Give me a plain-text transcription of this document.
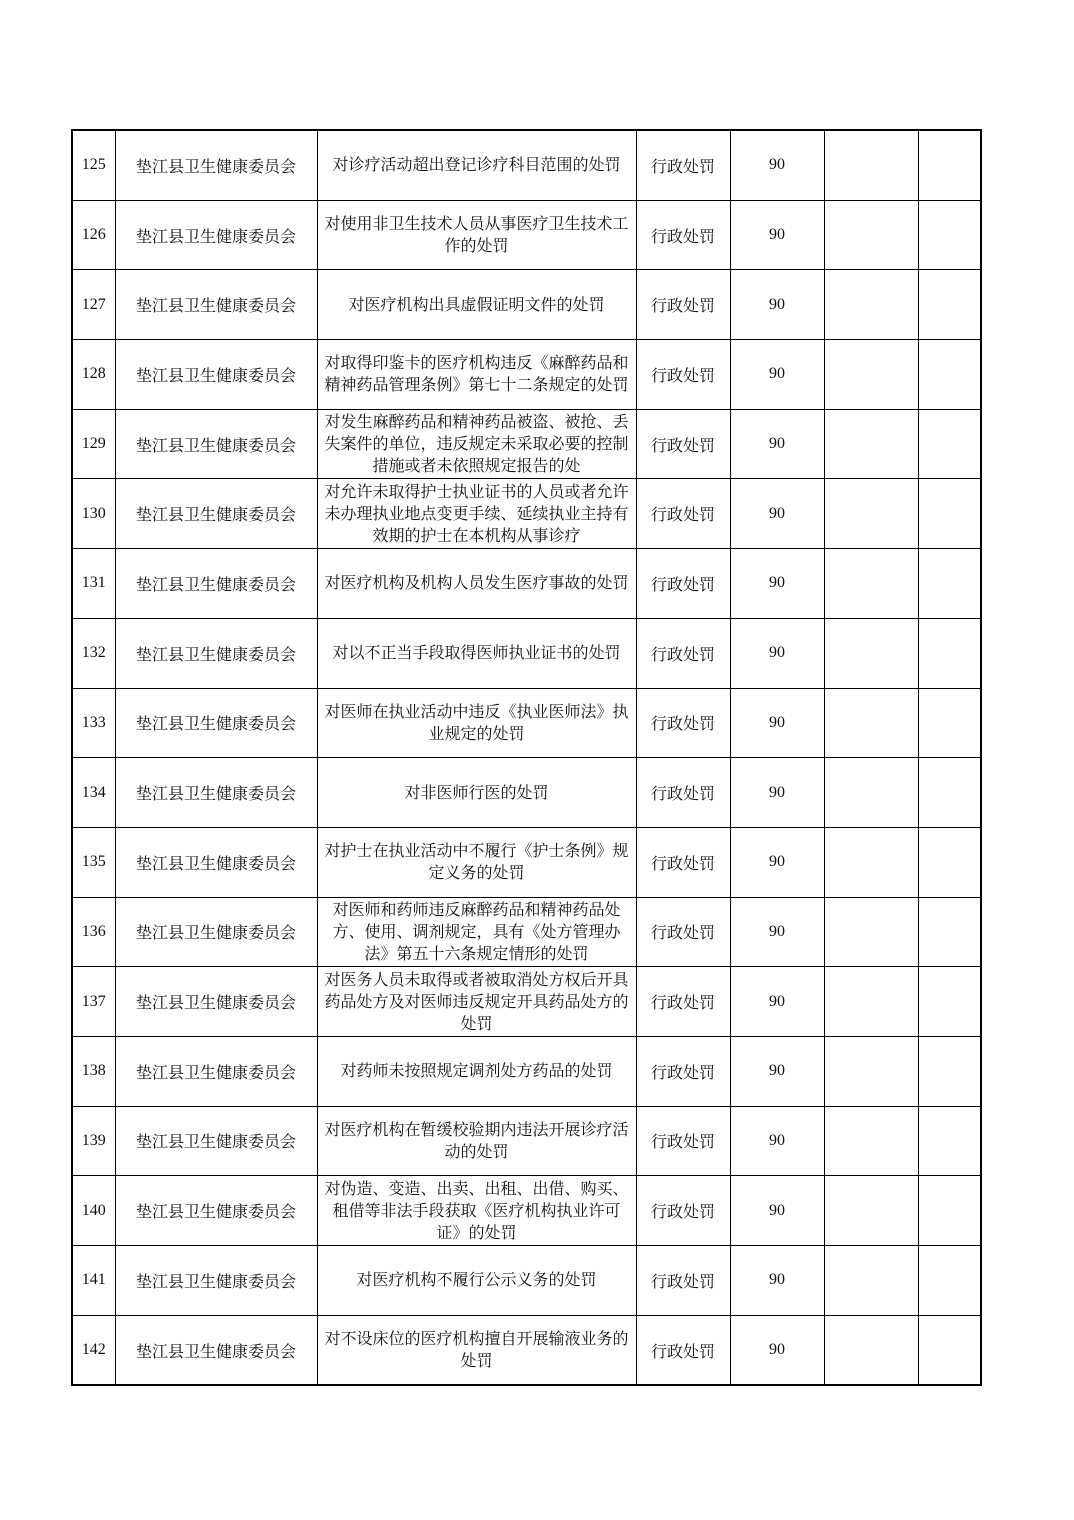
125	垫江县卫生健康委员会	对诊疗活动超出登记诊疗科目范围的处罚	行政处罚	90		
126	垫江县卫生健康委员会	对使用非卫生技术人员从事医疗卫生技术工作的处罚	行政处罚	90		
127	垫江县卫生健康委员会	对医疗机构出具虚假证明文件的处罚	行政处罚	90		
128	垫江县卫生健康委员会	对取得印鉴卡的医疗机构违反《麻醉药品和精神药品管理条例》第七十二条规定的处罚	行政处罚	90		
129	垫江县卫生健康委员会	对发生麻醉药品和精神药品被盗、被抢、丢失案件的单位，违反规定未采取必要的控制措施或者未依照规定报告的处	行政处罚	90		
130	垫江县卫生健康委员会	对允许未取得护士执业证书的人员或者允许未办理执业地点变更手续、延续执业主持有效期的护士在本机构从事诊疗	行政处罚	90		
131	垫江县卫生健康委员会	对医疗机构及机构人员发生医疗事故的处罚	行政处罚	90		
132	垫江县卫生健康委员会	对以不正当手段取得医师执业证书的处罚	行政处罚	90		
133	垫江县卫生健康委员会	对医师在执业活动中违反《执业医师法》执业规定的处罚	行政处罚	90		
134	垫江县卫生健康委员会	对非医师行医的处罚	行政处罚	90		
135	垫江县卫生健康委员会	对护士在执业活动中不履行《护士条例》规定义务的处罚	行政处罚	90		
136	垫江县卫生健康委员会	对医师和药师违反麻醉药品和精神药品处方、使用、调剂规定，具有《处方管理办法》第五十六条规定情形的处罚	行政处罚	90		
137	垫江县卫生健康委员会	对医务人员未取得或者被取消处方权后开具药品处方及对医师违反规定开具药品处方的处罚	行政处罚	90		
138	垫江县卫生健康委员会	对药师未按照规定调剂处方药品的处罚	行政处罚	90		
139	垫江县卫生健康委员会	对医疗机构在暂缓校验期内违法开展诊疗活动的处罚	行政处罚	90		
140	垫江县卫生健康委员会	对伪造、变造、出卖、出租、出借、购买、租借等非法手段获取《医疗机构执业许可证》的处罚	行政处罚	90		
141	垫江县卫生健康委员会	对医疗机构不履行公示义务的处罚	行政处罚	90		
142	垫江县卫生健康委员会	对不设床位的医疗机构擅自开展输液业务的处罚	行政处罚	90		
